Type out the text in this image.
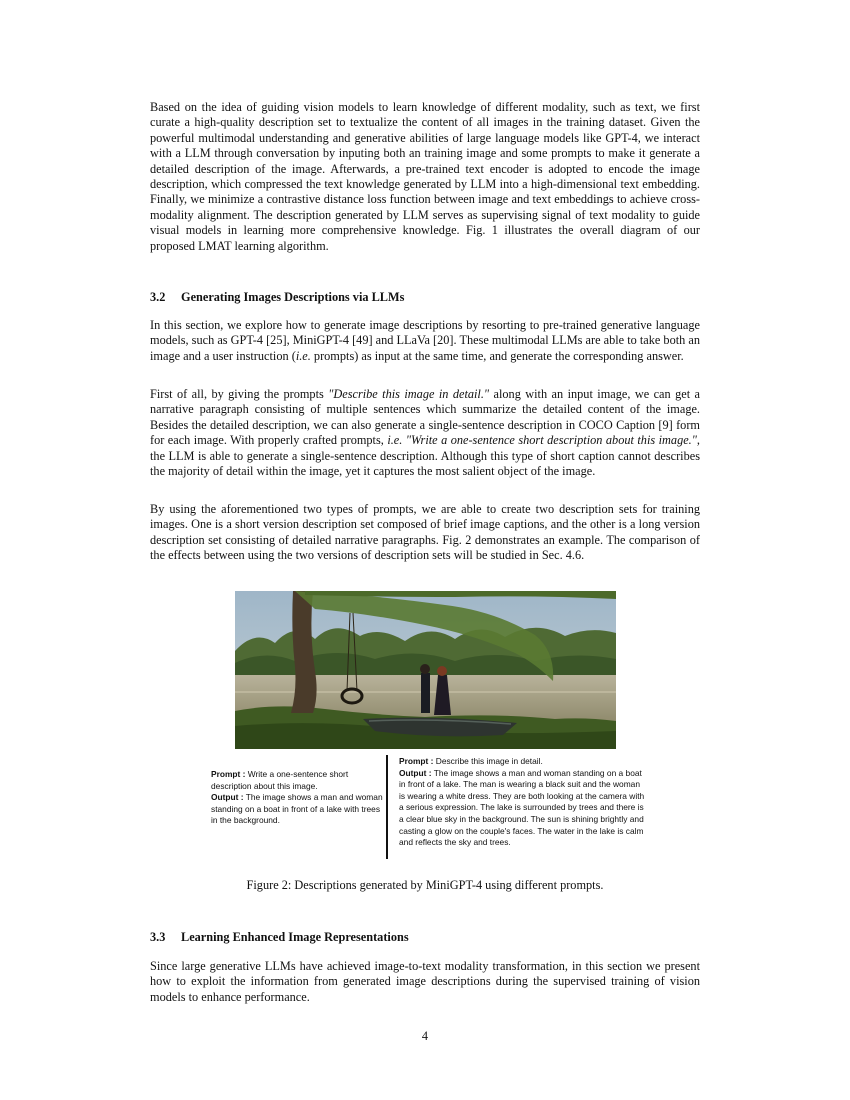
Based on the idea of guiding vision models to learn knowledge of different modality, such as text, we first curate a high-quality description set to textualize the content of all images in the training dataset. Given the powerful multimodal understanding and generative abilities of large language models like GPT-4, we interact with a LLM through conversation by inputing both an training image and some prompts to make it generate a detailed description of the image. Afterwards, a pre-trained text encoder is adopted to encode the image description, which compressed the text knowledge generated by LLM into a high-dimensional text embedding. Finally, we minimize a contrastive distance loss function between image and text embeddings to achieve cross-modality alignment. The description generated by LLM serves as supervising signal of text modality to guide visual models in learning more comprehensive knowledge. Fig. 1 illustrates the overall diagram of our proposed LMAT learning algorithm.

3.2 Generating Images Descriptions via LLMs

In this section, we explore how to generate image descriptions by resorting to pre-trained generative language models, such as GPT-4 [25], MiniGPT-4 [49] and LLaVa [20]. These multimodal LLMs are able to take both an image and a user instruction (i.e. prompts) as input at the same time, and generate the corresponding answer.

First of all, by giving the prompts "Describe this image in detail." along with an input image, we can get a narrative paragraph consisting of multiple sentences which summarize the detailed content of the image. Besides the detailed description, we can also generate a single-sentence description in COCO Caption [9] form for each image. With properly crafted prompts, i.e. "Write a one-sentence short description about this image.", the LLM is able to generate a single-sentence description. Although this type of short caption cannot describes the majority of detail within the image, yet it captures the most salient object of the image.

By using the aforementioned two types of prompts, we are able to create two description sets for training images. One is a short version description set composed of brief image captions, and the other is a long version description set consisting of detailed narrative paragraphs. Fig. 2 demonstrates an example. The comparison of the effects between using the two versions of description sets will be studied in Sec. 4.6.

Prompt : Write a one-sentence short description about this image.
Output : The image shows a man and woman standing on a boat in front of a lake with trees in the background.
Prompt : Describe this image in detail.
Output : The image shows a man and woman standing on a boat in front of a lake. The man is wearing a black suit and the woman is wearing a white dress. They are both looking at the camera with a serious expression. The lake is surrounded by trees and there is a clear blue sky in the background. The sun is shining brightly and casting a glow on the couple's faces. The water in the lake is calm and reflects the sky and trees.

Figure 2: Descriptions generated by MiniGPT-4 using different prompts.

3.3 Learning Enhanced Image Representations

Since large generative LLMs have achieved image-to-text modality transformation, in this section we present how to exploit the information from generated image descriptions during the supervised training of vision models to enhance performance.

4
